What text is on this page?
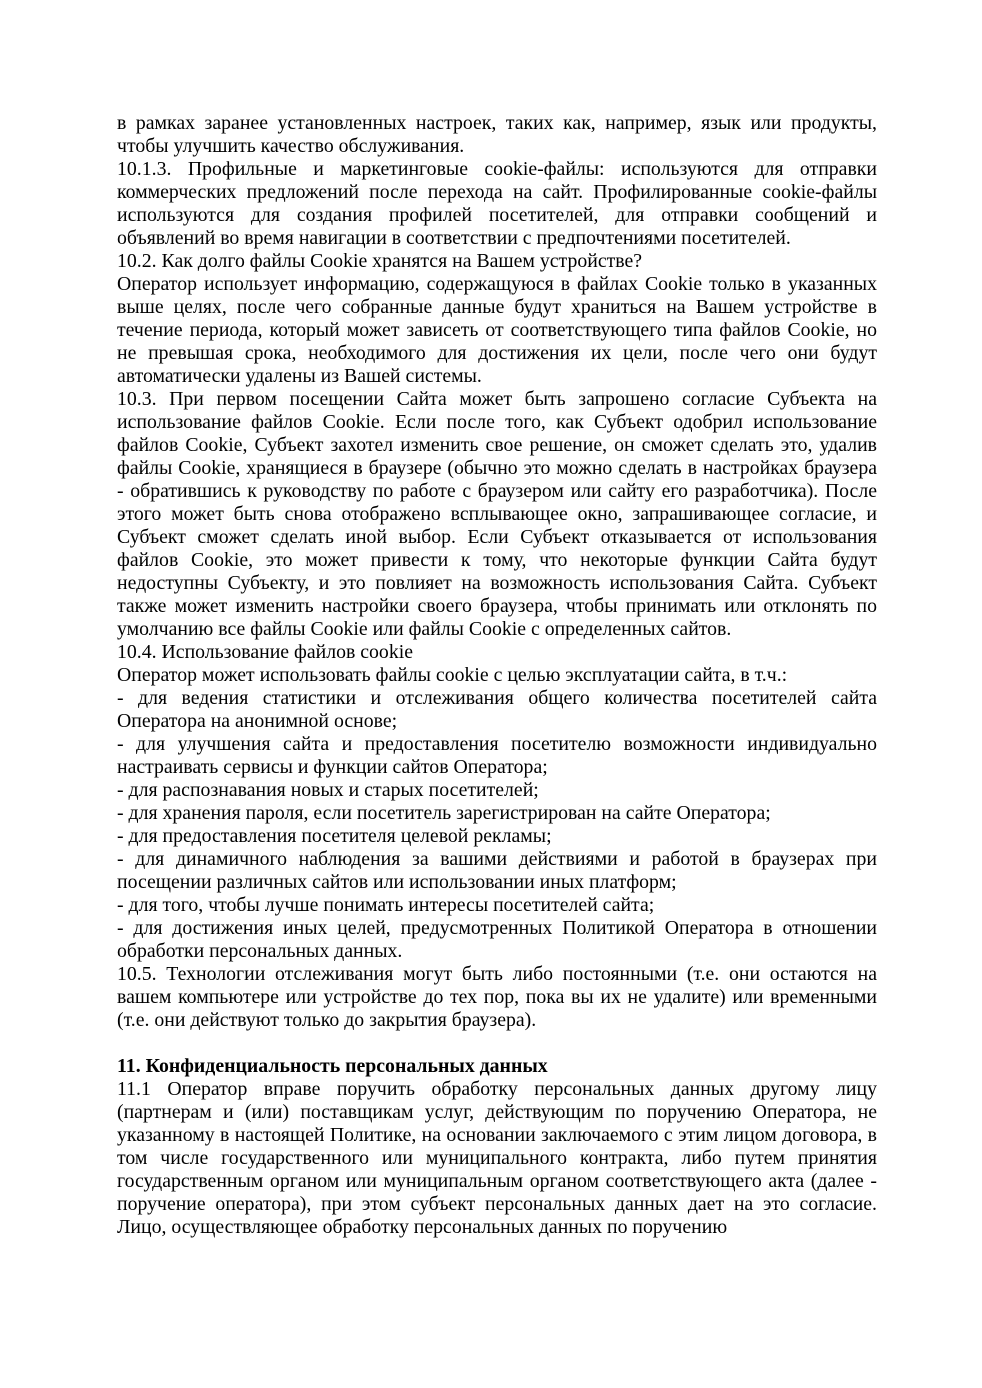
в рамках заранее установленных настроек, таких как, например, язык или продукты, чтобы улучшить качество обслуживания.

10.1.3. Профильные и маркетинговые cookie-файлы: используются для отправки коммерческих предложений после перехода на сайт. Профилированные cookie-файлы используются для создания профилей посетителей, для отправки сообщений и объявлений во время навигации в соответствии с предпочтениями посетителей.

10.2. Как долго файлы Cookie хранятся на Вашем устройстве?

Оператор использует информацию, содержащуюся в файлах Cookie только в указанных выше целях, после чего собранные данные будут храниться на Вашем устройстве в течение периода, который может зависеть от соответствующего типа файлов Cookie, но не превышая срока, необходимого для достижения их цели, после чего они будут автоматически удалены из Вашей системы.

10.3. При первом посещении Сайта может быть запрошено согласие Субъекта на использование файлов Cookie. Если после того, как Субъект одобрил использование файлов Cookie, Субъект захотел изменить свое решение, он сможет сделать это, удалив файлы Cookie, хранящиеся в браузере (обычно это можно сделать в настройках браузера - обратившись к руководству по работе с браузером или сайту его разработчика). После этого может быть снова отображено всплывающее окно, запрашивающее согласие, и Субъект сможет сделать иной выбор. Если Субъект отказывается от использования файлов Cookie, это может привести к тому, что некоторые функции Сайта будут недоступны Субъекту, и это повлияет на возможность использования Сайта. Субъект также может изменить настройки своего браузера, чтобы принимать или отклонять по умолчанию все файлы Cookie или файлы Cookie с определенных сайтов.

10.4. Использование файлов cookie

Оператор может использовать файлы cookie с целью эксплуатации сайта, в т.ч.:

- для ведения статистики и отслеживания общего количества посетителей сайта Оператора на анонимной основе;

- для улучшения сайта и предоставления посетителю возможности индивидуально настраивать сервисы и функции сайтов Оператора;

- для распознавания новых и старых посетителей;

- для хранения пароля, если посетитель зарегистрирован на сайте Оператора;

- для предоставления посетителя целевой рекламы;

- для динамичного наблюдения за вашими действиями и работой в браузерах при посещении различных сайтов или использовании иных платформ;

- для того, чтобы лучше понимать интересы посетителей сайта;

- для достижения иных целей, предусмотренных Политикой Оператора в отношении обработки персональных данных.

10.5. Технологии отслеживания могут быть либо постоянными (т.е. они остаются на вашем компьютере или устройстве до тех пор, пока вы их не удалите) или временными (т.е. они действуют только до закрытия браузера).

11. Конфиденциальность персональных данных

11.1 Оператор вправе поручить обработку персональных данных другому лицу (партнерам и (или) поставщикам услуг, действующим по поручению Оператора, не указанному в настоящей Политике, на основании заключаемого с этим лицом договора, в том числе государственного или муниципального контракта, либо путем принятия государственным органом или муниципальным органом соответствующего акта (далее - поручение оператора), при этом субъект персональных данных дает на это согласие. Лицо, осуществляющее обработку персональных данных по поручению
